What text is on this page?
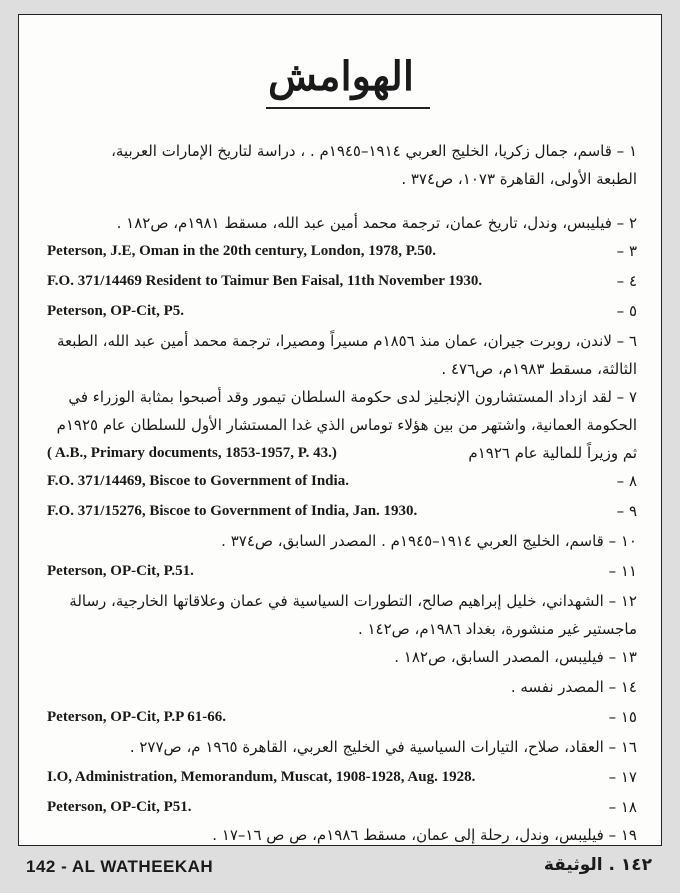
الهوامش
١ – قاسم، جمال زكريا، الخليج العربي ١٩١٤–١٩٤٥م . ، دراسة لتاريخ الإمارات العربية،
الطبعة الأولى، القاهرة ١٠٧٣، ص٣٧٤ .
٢ – فيليبس، وندل، تاريخ عمان، ترجمة محمد أمين عبد الله، مسقط ١٩٨١م، ص١٨٢ .
Peterson, J.E, Oman in the 20th century, London, 1978, P.50.	٣ –
F.O. 371/14469 Resident to Taimur Ben Faisal, 11th November 1930.	٤ –
Peterson, OP-Cit, P5.	٥ –
٦ – لاندن، روبرت جيران، عمان منذ ١٨٥٦م مسيراً ومصيرا، ترجمة محمد أمين عبد الله، الطبعة
الثالثة، مسقط ١٩٨٣م، ص٤٧٦ .
٧ – لقد ازداد المستشارون الإنجليز لدى حكومة السلطان تيمور وقد أصبحوا بمثابة الوزراء في
الحكومة العمانية، واشتهر من بين هؤلاء توماس الذي غدا المستشار الأول للسلطان عام ١٩٢٥م
ثم وزيراً للمالية عام ١٩٢٦م
( A.B., Primary documents, 1853-1957, P. 43.)
F.O. 371/14469, Biscoe to Government of India.	٨ –
F.O. 371/15276, Biscoe to Government of India, Jan. 1930.	٩ –
١٠ – قاسم، الخليج العربي ١٩١٤–١٩٤٥م . المصدر السابق، ص٣٧٤ .
Peterson, OP-Cit, P.51.	١١ –
١٢ – الشهداني، خليل إبراهيم صالح، التطورات السياسية في عمان وعلاقاتها الخارجية، رسالة
ماجستير غير منشورة، بغداد ١٩٨٦م، ص١٤٢ .
١٣ – فيليبس، المصدر السابق، ص١٨٢ .
١٤ – المصدر نفسه .
Peterson, OP-Cit, P.P 61-66.	١٥ –
١٦ – العقاد، صلاح، التيارات السياسية في الخليج العربي، القاهرة ١٩٦٥ م، ص٢٧٧ .
I.O, Administration, Memorandum, Muscat, 1908-1928, Aug. 1928.	١٧ –
Peterson, OP-Cit, P51.	١٨ –
١٩ – فيليبس، وندل، رحلة إلى عمان، مسقط ١٩٨٦م، ص ص ١٦–١٧ .
142 - AL WATHEEKAH	١٤٢ . الوثيقة
